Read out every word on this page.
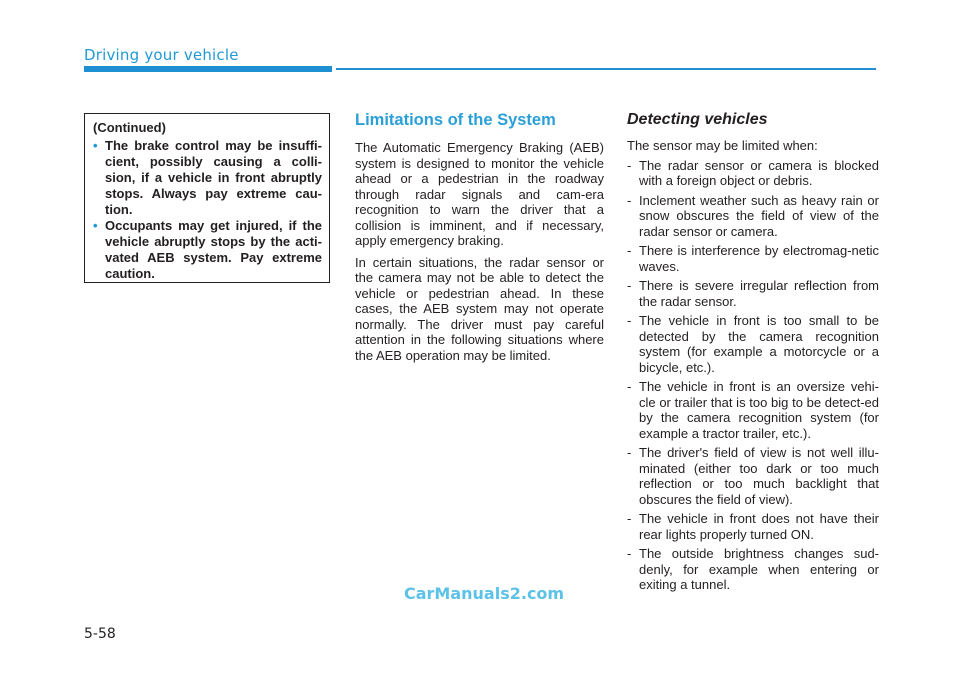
Driving your vehicle
(Continued)
• The brake control may be insuffi-cient, possibly causing a colli-sion, if a vehicle in front abruptly stops. Always pay extreme cau-tion.
• Occupants may get injured, if the vehicle abruptly stops by the acti-vated AEB system. Pay extreme caution.
Limitations of the System

The Automatic Emergency Braking (AEB) system is designed to monitor the vehicle ahead or a pedestrian in the roadway through radar signals and cam-era recognition to warn the driver that a collision is imminent, and if necessary, apply emergency braking.

In certain situations, the radar sensor or the camera may not be able to detect the vehicle or pedestrian ahead. In these cases, the AEB system may not operate normally. The driver must pay careful attention in the following situations where the AEB operation may be limited.

Detecting vehicles
The sensor may be limited when:
- The radar sensor or camera is blocked with a foreign object or debris.
- Inclement weather such as heavy rain or snow obscures the field of view of the radar sensor or camera.
- There is interference by electromag-netic waves.
- There is severe irregular reflection from the radar sensor.
- The vehicle in front is too small to be detected by the camera recognition system (for example a motorcycle or a bicycle, etc.).
- The vehicle in front is an oversize vehi-cle or trailer that is too big to be detect-ed by the camera recognition system (for example a tractor trailer, etc.).
- The driver's field of view is not well illu-minated (either too dark or too much reflection or too much backlight that obscures the field of view).
- The vehicle in front does not have their rear lights properly turned ON.
- The outside brightness changes sud-denly, for example when entering or exiting a tunnel.
CarManuals2.com
5-58
